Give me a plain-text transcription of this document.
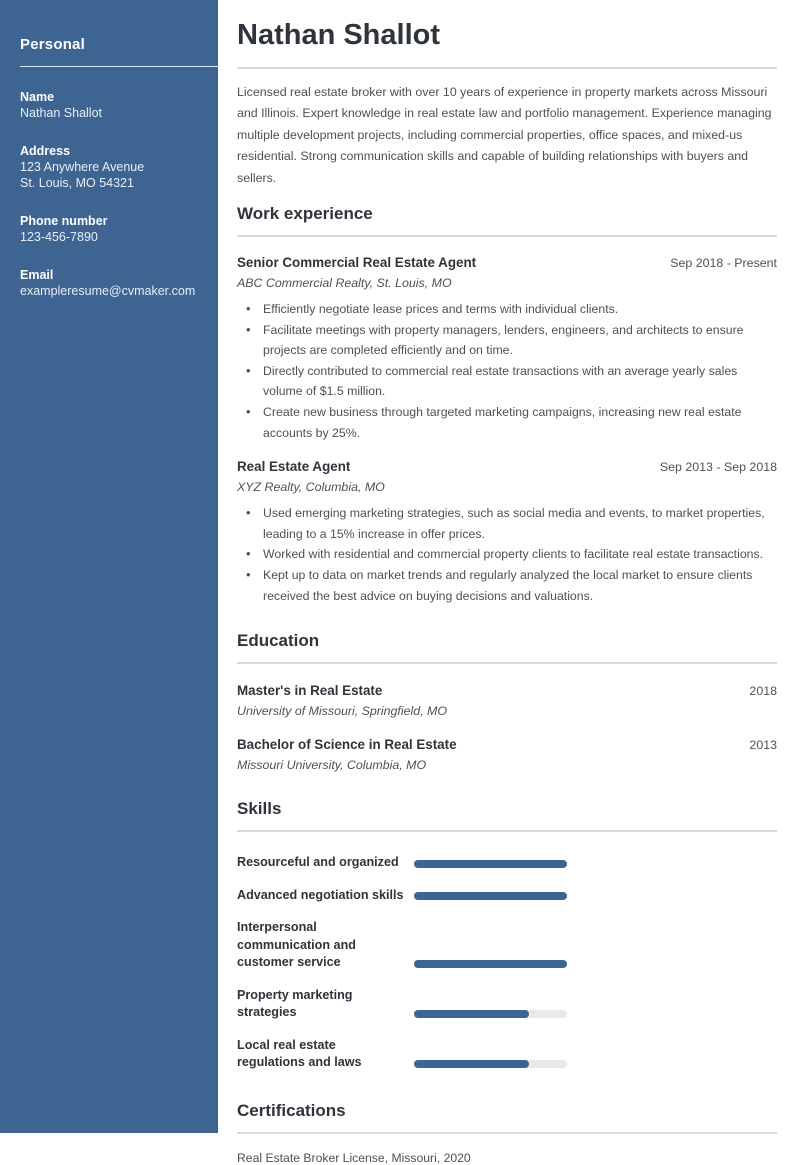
Personal
Name
Nathan Shallot
Address
123 Anywhere Avenue
St. Louis, MO 54321
Phone number
123-456-7890
Email
exampleresume@cvmaker.com
Nathan Shallot

Licensed real estate broker with over 10 years of experience in property markets across Missouri and Illinois. Expert knowledge in real estate law and portfolio management. Experience managing multiple development projects, including commercial properties, office spaces, and mixed-us residential. Strong communication skills and capable of building relationships with buyers and sellers.

Work experience
Senior Commercial Real Estate Agent	Sep 2018 - Present
ABC Commercial Realty, St. Louis, MO
• Efficiently negotiate lease prices and terms with individual clients.
• Facilitate meetings with property managers, lenders, engineers, and architects to ensure projects are completed efficiently and on time.
• Directly contributed to commercial real estate transactions with an average yearly sales volume of $1.5 million.
• Create new business through targeted marketing campaigns, increasing new real estate accounts by 25%.
Real Estate Agent	Sep 2013 - Sep 2018
XYZ Realty, Columbia, MO
• Used emerging marketing strategies, such as social media and events, to market properties, leading to a 15% increase in offer prices.
• Worked with residential and commercial property clients to facilitate real estate transactions.
• Kept up to data on market trends and regularly analyzed the local market to ensure clients received the best advice on buying decisions and valuations.
Education
Master's in Real Estate	2018
University of Missouri, Springfield, MO
Bachelor of Science in Real Estate	2013
Missouri University, Columbia, MO
Skills
Resourceful and organized
Advanced negotiation skills
Interpersonal communication and customer service
Property marketing strategies
Local real estate regulations and laws
Certifications

Real Estate Broker License, Missouri, 2020
